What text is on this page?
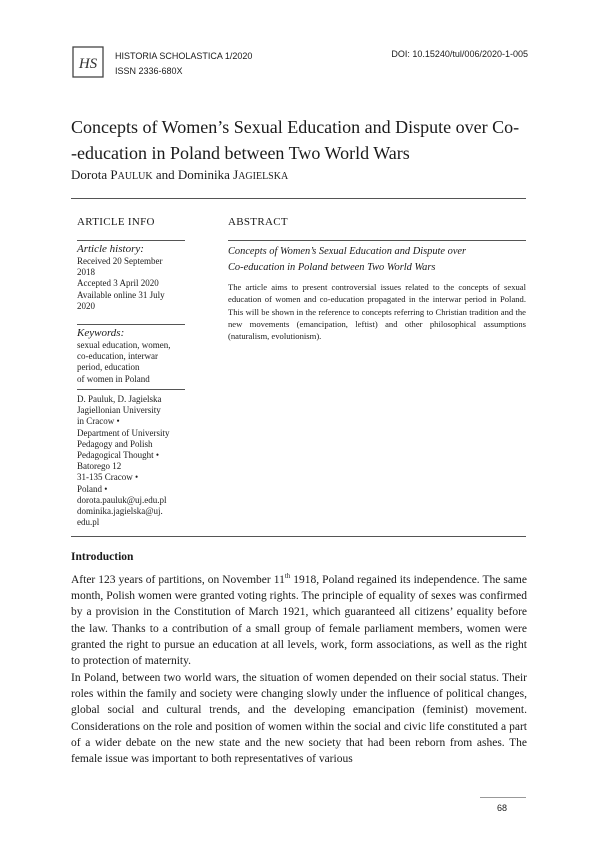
HS HISTORIA SCHOLASTICA 1/2020
ISSN 2336-680X
DOI: 10.15240/tul/006/2020-1-005
Concepts of Women’s Sexual Education and Dispute over Co-
-education in Poland between Two World Wars
Dorota PAULUK and Dominika JAGIELSKA
ARTICLE INFO	ABSTRACT
Article history:
Received 20 September
2018
Accepted 3 April 2020
Available online 31 July
2020
Keywords:
sexual education, women,
co-education, interwar
period, education
of women in Poland
D. Pauluk, D. Jagielska
Jagiellonian University
in Cracow •
Department of University
Pedagogy and Polish
Pedagogical Thought •
Batorego 12
31-135 Cracow •
Poland •
dorota.pauluk@uj.edu.pl
dominika.jagielska@uj.
edu.pl
Concepts of Women’s Sexual Education and Dispute over
Co-education in Poland between Two World Wars
The article aims to present controversial issues related to the concepts of sexual education of women and co-education propagated in the interwar period in Poland. This will be shown in the reference to concepts referring to Christian tradition and the new movements (emancipation, leftist) and other philosophical assumptions (naturalism, evolutionism).
Introduction

After 123 years of partitions, on November 11th 1918, Poland regained its independence. The same month, Polish women were granted voting rights. The principle of equality of sexes was confirmed by a provision in the Constitution of March 1921, which guaranteed all citizens’ equality before the law. Thanks to a contribution of a small group of female parliament members, women were granted the right to pursue an education at all levels, work, form associations, as well as the right to protection of maternity.

In Poland, between two world wars, the situation of women depended on their social status. Their roles within the family and society were changing slowly under the influence of political changes, global social and cultural trends, and the developing emancipation (feminist) movement. Considerations on the role and position of women within the social and civic life constituted a part of a wider debate on the new state and the new society that had been reborn from ashes. The female issue was important to both representatives of various

68
